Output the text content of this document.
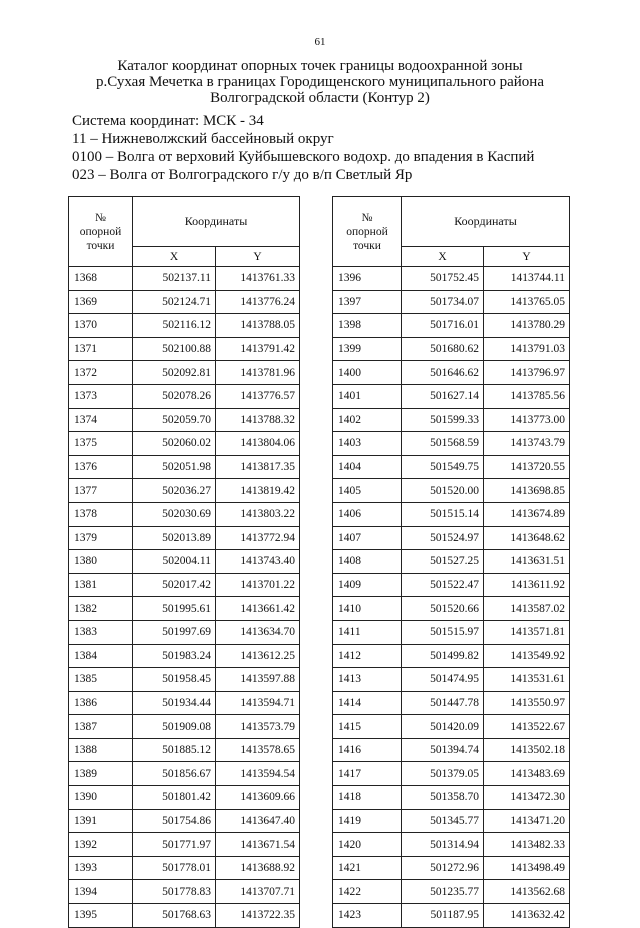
61
Каталог координат опорных точек границы водоохранной зоны
р.Сухая Мечетка в границах Городищенского муниципального района
Волгоградской области (Контур 2)
Система координат: МСК - 34
11 – Нижневолжский бассейновый округ
0100 – Волга от верховий Куйбышевского водохр. до впадения в Каспий
023 – Волга от Волгоградского г/у до в/п Светлый Яр
№
опорной
точки	Координаты	
	X	Y
1368	502137.11	1413761.33
1369	502124.71	1413776.24
1370	502116.12	1413788.05
1371	502100.88	1413791.42
1372	502092.81	1413781.96
1373	502078.26	1413776.57
1374	502059.70	1413788.32
1375	502060.02	1413804.06
1376	502051.98	1413817.35
1377	502036.27	1413819.42
1378	502030.69	1413803.22
1379	502013.89	1413772.94
1380	502004.11	1413743.40
1381	502017.42	1413701.22
1382	501995.61	1413661.42
1383	501997.69	1413634.70
1384	501983.24	1413612.25
1385	501958.45	1413597.88
1386	501934.44	1413594.71
1387	501909.08	1413573.79
1388	501885.12	1413578.65
1389	501856.67	1413594.54
1390	501801.42	1413609.66
1391	501754.86	1413647.40
1392	501771.97	1413671.54
1393	501778.01	1413688.92
1394	501778.83	1413707.71
1395	501768.63	1413722.35
№
опорной
точки	Координаты	
	X	Y
1396	501752.45	1413744.11
1397	501734.07	1413765.05
1398	501716.01	1413780.29
1399	501680.62	1413791.03
1400	501646.62	1413796.97
1401	501627.14	1413785.56
1402	501599.33	1413773.00
1403	501568.59	1413743.79
1404	501549.75	1413720.55
1405	501520.00	1413698.85
1406	501515.14	1413674.89
1407	501524.97	1413648.62
1408	501527.25	1413631.51
1409	501522.47	1413611.92
1410	501520.66	1413587.02
1411	501515.97	1413571.81
1412	501499.82	1413549.92
1413	501474.95	1413531.61
1414	501447.78	1413550.97
1415	501420.09	1413522.67
1416	501394.74	1413502.18
1417	501379.05	1413483.69
1418	501358.70	1413472.30
1419	501345.77	1413471.20
1420	501314.94	1413482.33
1421	501272.96	1413498.49
1422	501235.77	1413562.68
1423	501187.95	1413632.42
